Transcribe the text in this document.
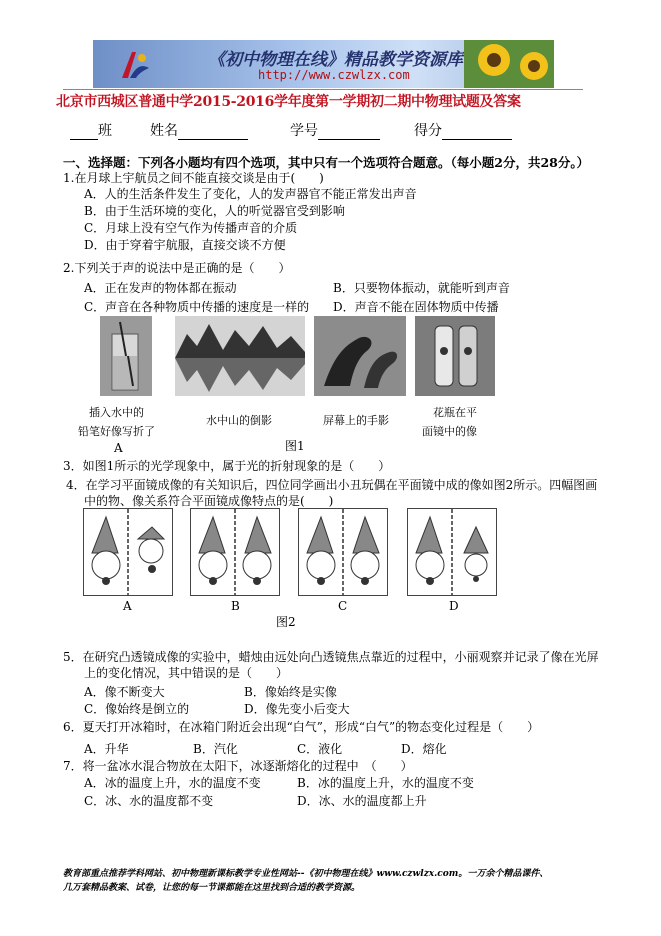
《初中物理在线》精品教学资源库
http://www.czwlzx.com
北京市西城区普通中学2015-2016学年度第一学期初二期中物理试题及答案
班	姓名	学号	得分
一、选择题：下列各小题均有四个选项，其中只有一个选项符合题意。（每小题2分，共28分。）
1.在月球上宇航员之间不能直接交谈是由于(　　)
A．人的生活条件发生了变化，人的发声器官不能正常发出声音
B．由于生活环境的变化，人的听觉器官受到影响
C．月球上没有空气作为传播声音的介质
D．由于穿着宇航服，直接交谈不方便
2.下列关于声的说法中是正确的是（　　）
A．正在发声的物体都在振动	B．只要物体振动，就能听到声音
C．声音在各种物质中传播的速度是一样的 D．声音不能在固体物质中传播
插入水中的
铅笔好像写折了
水中山的倒影	屏幕上的手影
花瓶在平
面镜中的像
A	图1
3．如图1所示的光学现象中，属于光的折射现象的是（　　）
4．在学习平面镜成像的有关知识后，四位同学画出小丑玩偶在平面镜中成的像如图2所示。四幅图画
中的物、像关系符合平面镜成像特点的是(　　)
A	B	C	D
图2
5．在研究凸透镜成像的实验中，蜡烛由远处向凸透镜焦点靠近的过程中，小丽观察并记录了像在光屏
上的变化情况，其中错误的是（　　）
A．像不断变大	B．像始终是实像
C．像始终是倒立的	D．像先变小后变大
6．夏天打开冰箱时，在冰箱门附近会出现“白气”，形成“白气”的物态变化过程是（　　）
A．升华	B．汽化	C．液化	D．熔化
7．将一盆冰水混合物放在太阳下，冰逐渐熔化的过程中　（　　）
A．冰的温度上升，水的温度不变	B．冰的温度上升，水的温度不变
C．冰、水的温度都不变	D．冰、水的温度都上升
教育部重点推荐学科网站、初中物理新课标教学专业性网站--《初中物理在线》www.czwlzx.com。一万余个精品课件、
几万套精品教案、试卷，让您的每一节课都能在这里找到合适的教学资源。
